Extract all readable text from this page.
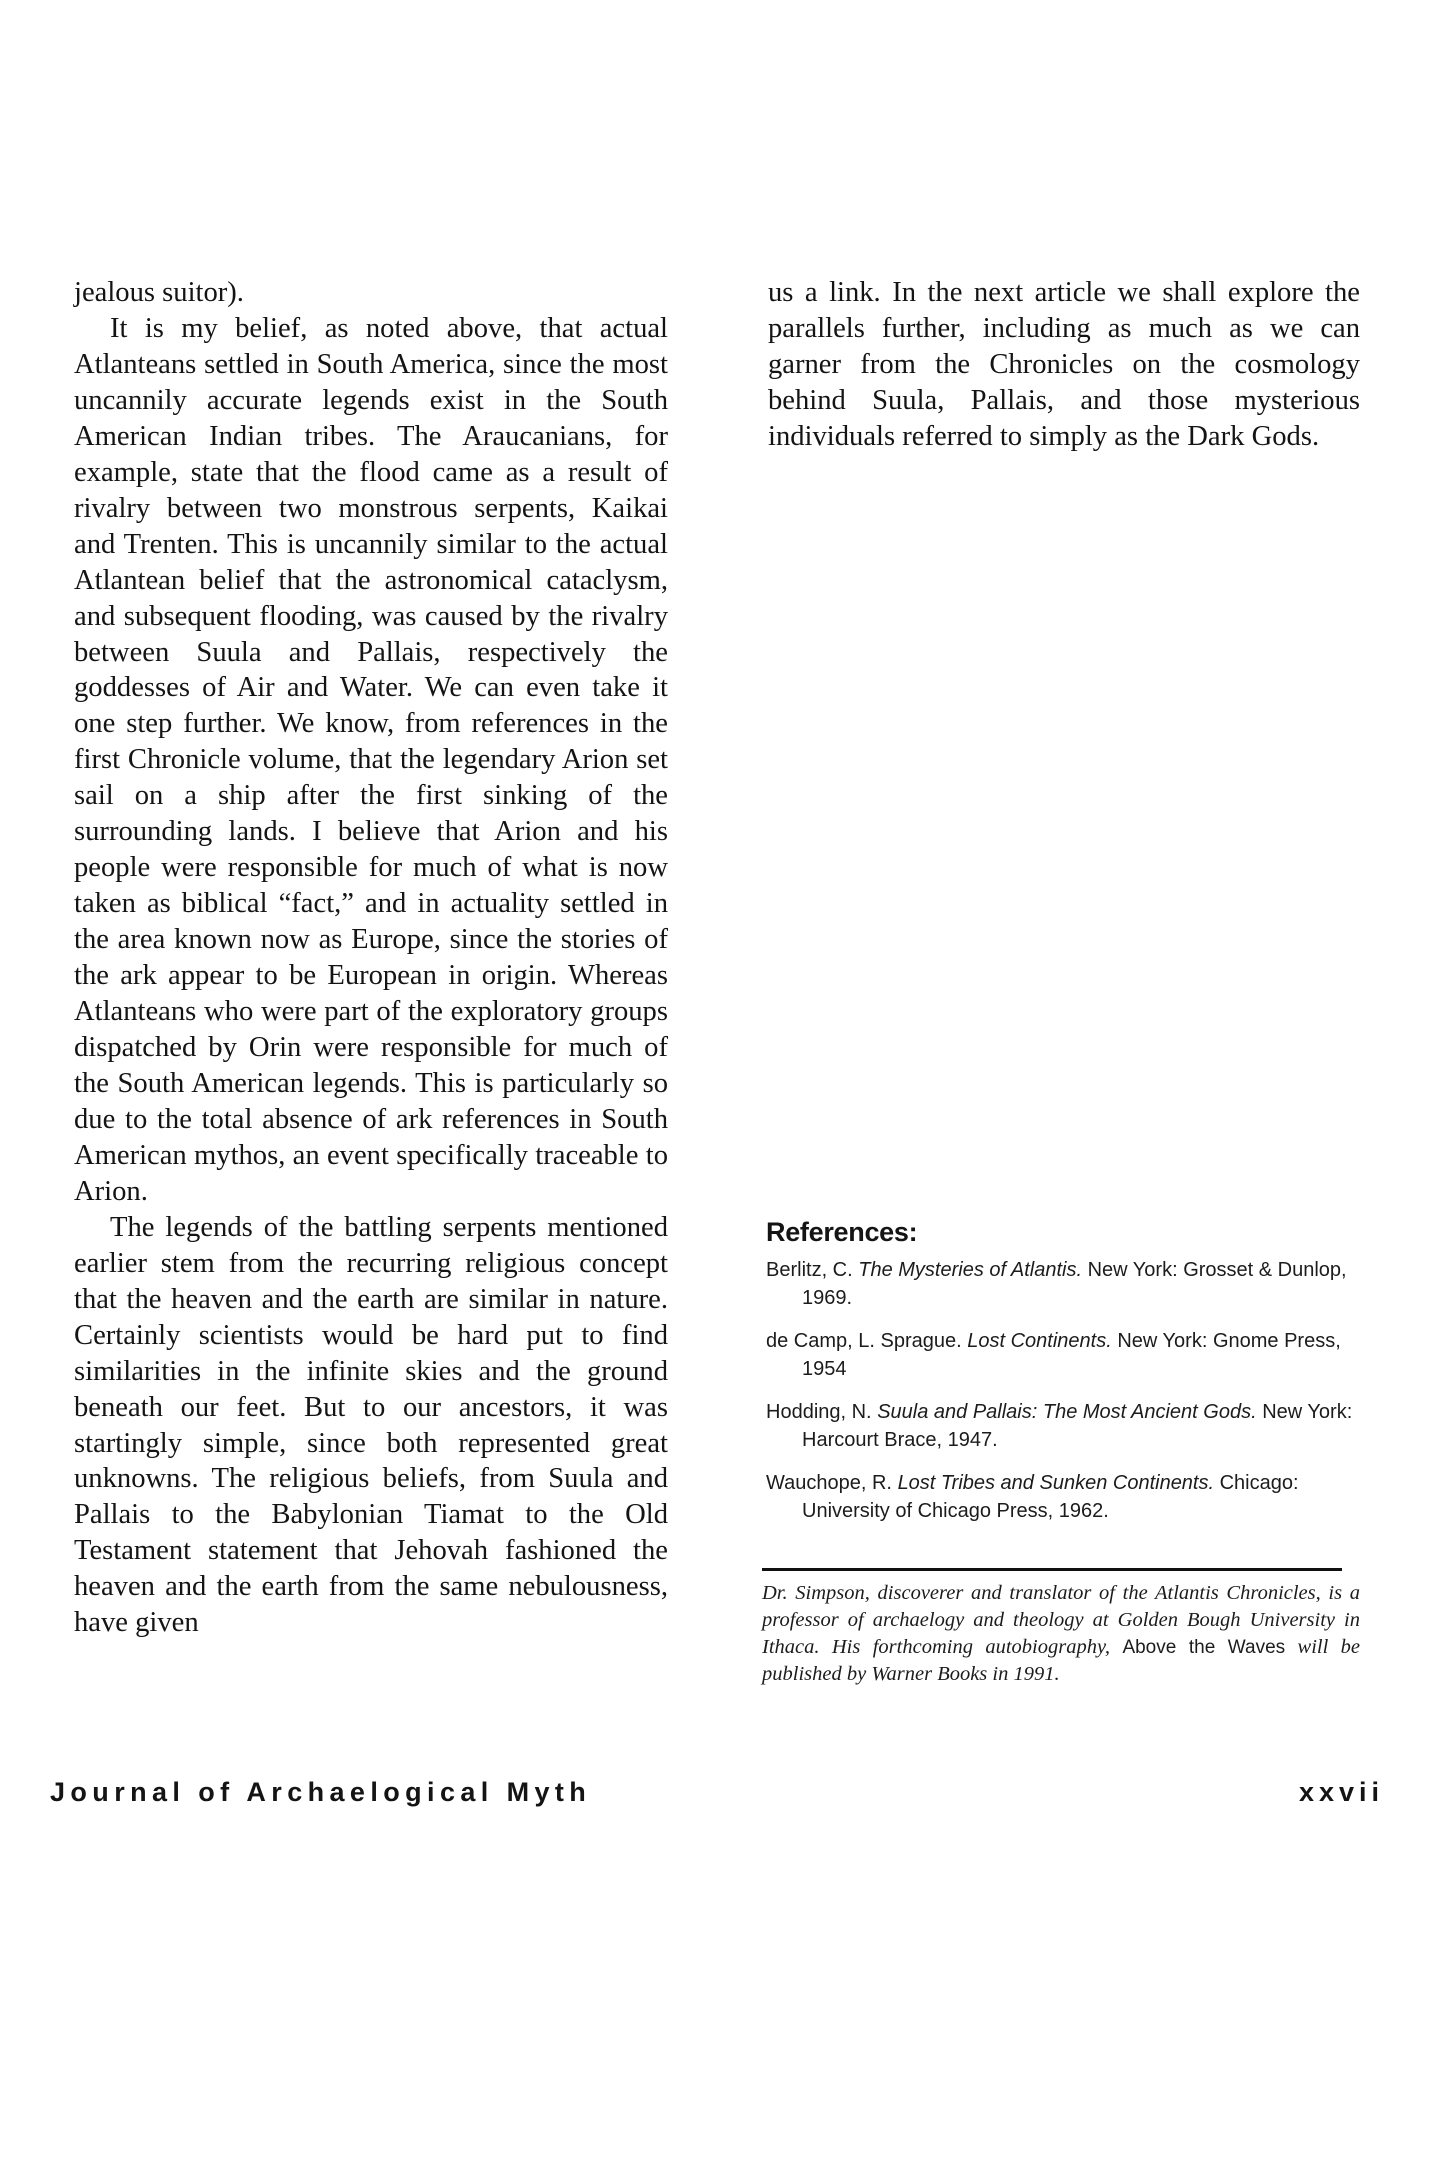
jealous suitor).

It is my belief, as noted above, that actual Atlanteans settled in South America, since the most uncannily accurate legends exist in the South American Indian tribes. The Araucanians, for example, state that the flood came as a result of rivalry between two monstrous serpents, Kaikai and Trenten. This is uncannily similar to the actual Atlantean belief that the astronomical cataclysm, and subsequent flooding, was caused by the rivalry between Suula and Pallais, respectively the goddesses of Air and Water. We can even take it one step further. We know, from references in the first Chronicle volume, that the legendary Arion set sail on a ship after the first sinking of the surrounding lands. I believe that Arion and his people were responsible for much of what is now taken as biblical “fact,” and in actuality settled in the area known now as Europe, since the stories of the ark appear to be European in origin. Whereas Atlanteans who were part of the exploratory groups dispatched by Orin were responsible for much of the South American legends. This is particularly so due to the total absence of ark references in South American mythos, an event specifically traceable to Arion.

The legends of the battling serpents mentioned earlier stem from the recurring religious concept that the heaven and the earth are similar in nature. Certainly scientists would be hard put to find similarities in the infinite skies and the ground beneath our feet. But to our ancestors, it was startingly simple, since both represented great unknowns. The religious beliefs, from Suula and Pallais to the Babylonian Tiamat to the Old Testament statement that Jehovah fashioned the heaven and the earth from the same nebulousness, have given

us a link. In the next article we shall explore the parallels further, including as much as we can garner from the Chronicles on the cosmology behind Suula, Pallais, and those mysterious individuals referred to simply as the Dark Gods.

References:
Berlitz, C. The Mysteries of Atlantis. New York: Grosset & Dunlop, 1969.
de Camp, L. Sprague. Lost Continents. New York: Gnome Press, 1954
Hodding, N. Suula and Pallais: The Most Ancient Gods. New York: Harcourt Brace, 1947.
Wauchope, R. Lost Tribes and Sunken Continents. Chicago: University of Chicago Press, 1962.

Dr. Simpson, discoverer and translator of the Atlantis Chronicles, is a professor of archaelogy and theology at Golden Bough University in Ithaca. His forthcoming autobiography, Above the Waves will be published by Warner Books in 1991.

Journal of Archaelogical Myth	xxvii
